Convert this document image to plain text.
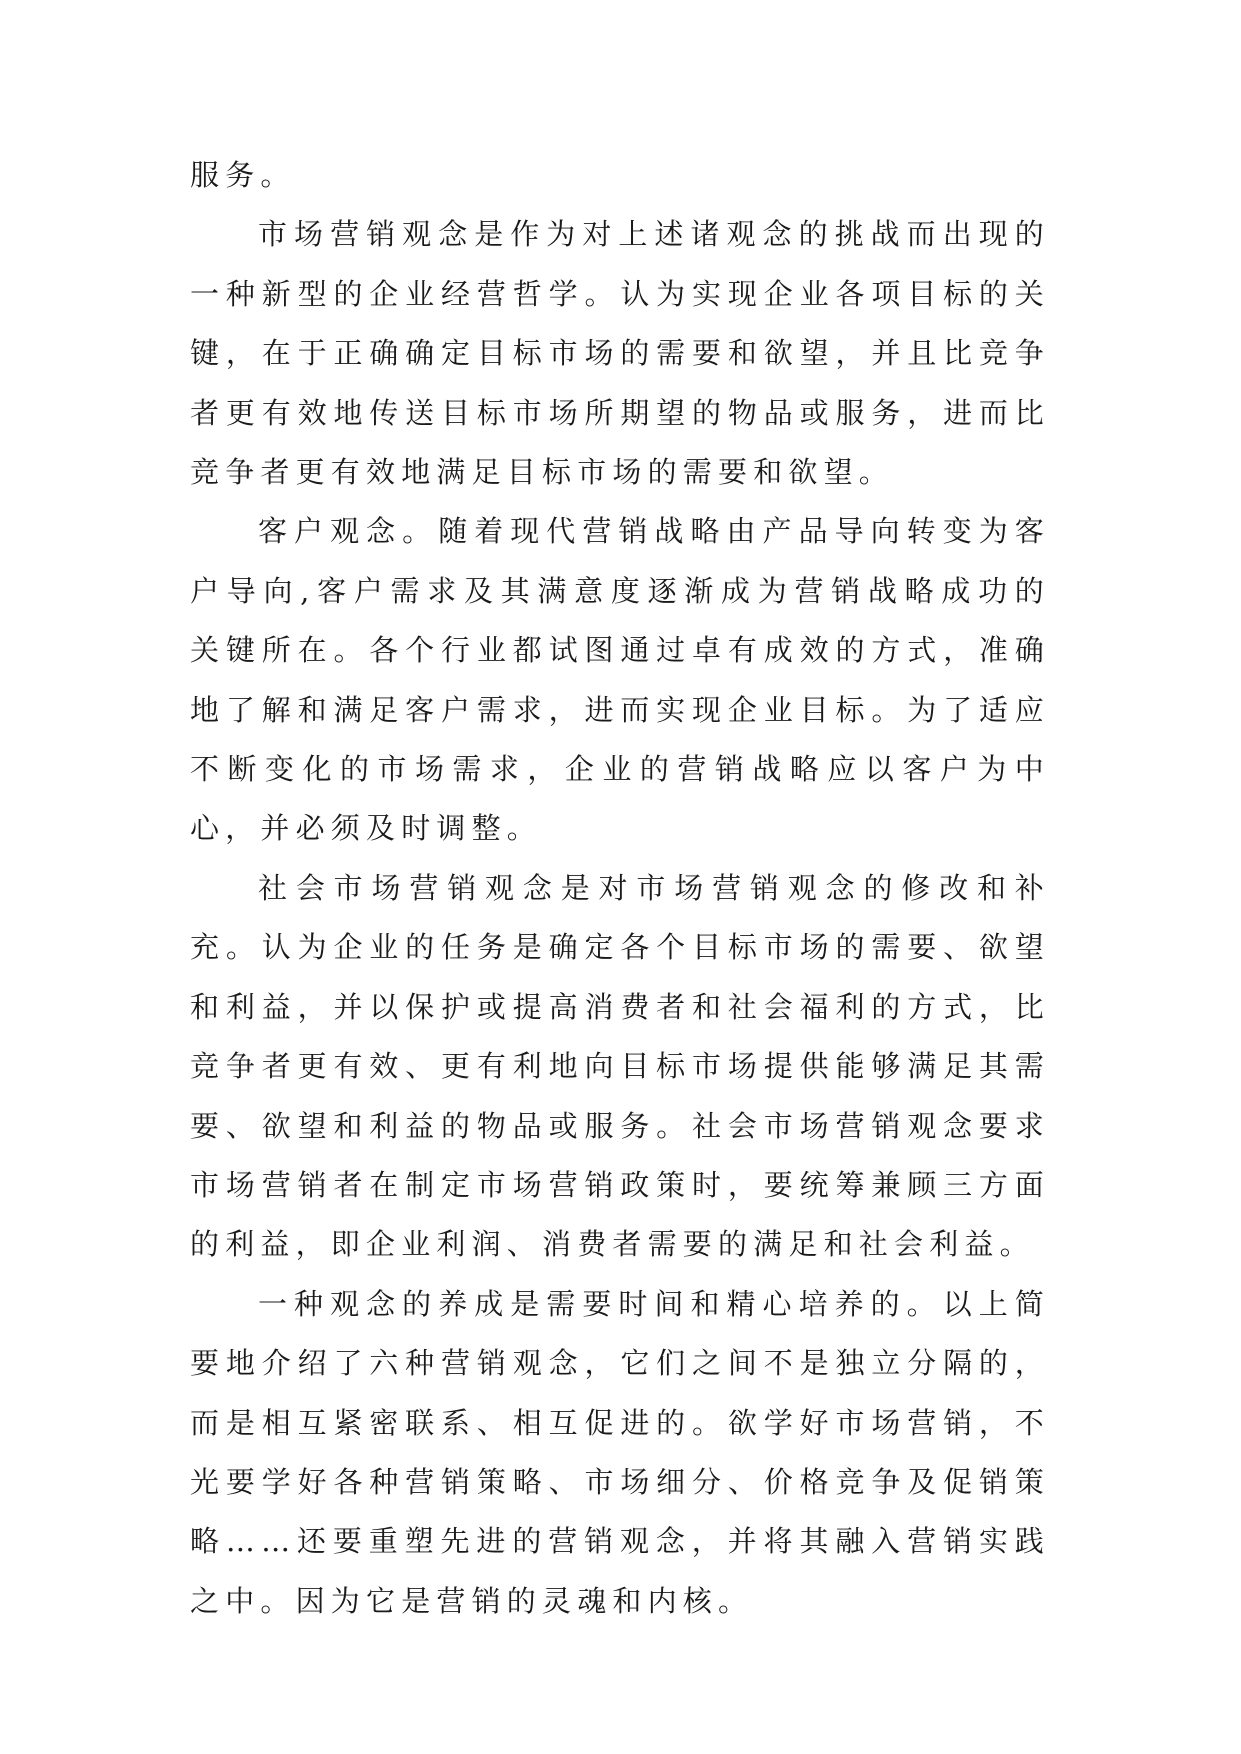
服务。

市场营销观念是作为对上述诸观念的挑战而出现的一种新型的企业经营哲学。认为实现企业各项目标的关键，在于正确确定目标市场的需要和欲望，并且比竞争者更有效地传送目标市场所期望的物品或服务，进而比竞争者更有效地满足目标市场的需要和欲望。

客户观念。随着现代营销战略由产品导向转变为客户导向,客户需求及其满意度逐渐成为营销战略成功的关键所在。各个行业都试图通过卓有成效的方式，准确地了解和满足客户需求，进而实现企业目标。为了适应不断变化的市场需求，企业的营销战略应以客户为中心，并必须及时调整。

社会市场营销观念是对市场营销观念的修改和补充。认为企业的任务是确定各个目标市场的需要、欲望和利益，并以保护或提高消费者和社会福利的方式，比竞争者更有效、更有利地向目标市场提供能够满足其需要、欲望和利益的物品或服务。社会市场营销观念要求市场营销者在制定市场营销政策时，要统筹兼顾三方面的利益，即企业利润、消费者需要的满足和社会利益。

一种观念的养成是需要时间和精心培养的。以上简要地介绍了六种营销观念，它们之间不是独立分隔的，而是相互紧密联系、相互促进的。欲学好市场营销，不光要学好各种营销策略、市场细分、价格竞争及促销策略……还要重塑先进的营销观念，并将其融入营销实践之中。因为它是营销的灵魂和内核。
